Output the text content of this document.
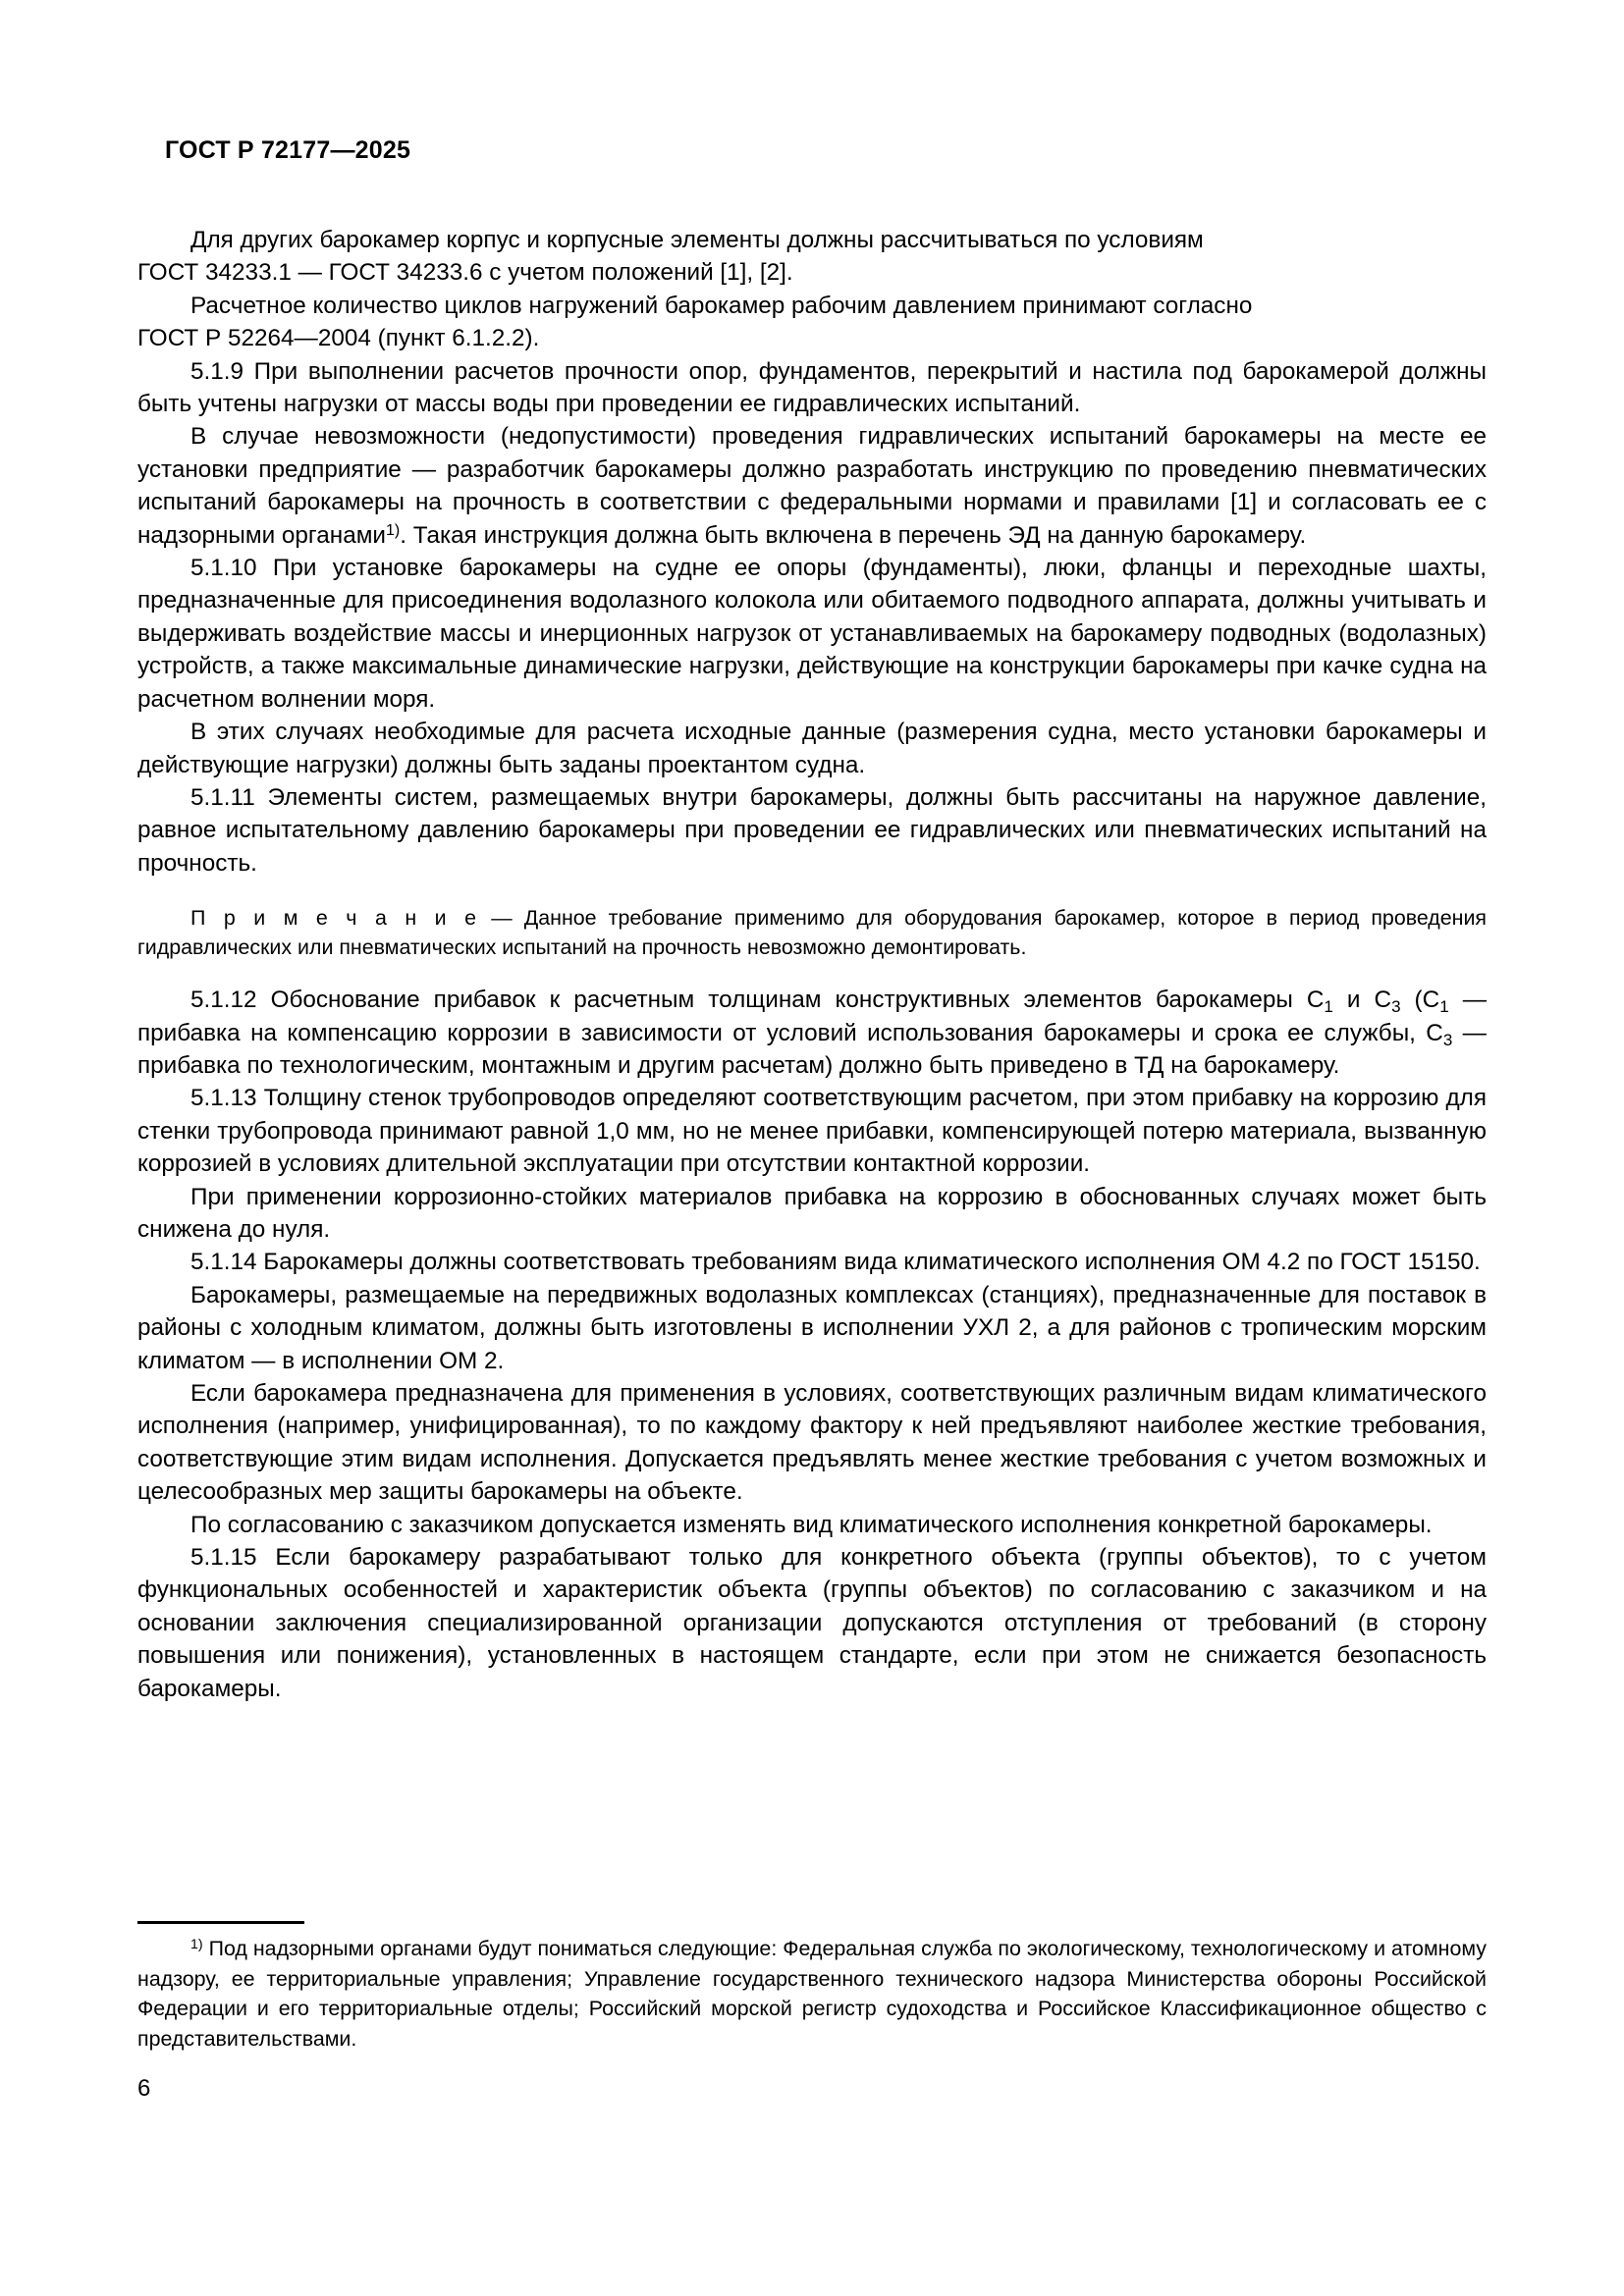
ГОСТ Р 72177—2025

Для других барокамер корпус и корпусные элементы должны рассчитываться по условиям
ГОСТ 34233.1 — ГОСТ 34233.6 с учетом положений [1], [2].

Расчетное количество циклов нагружений барокамер рабочим давлением принимают согласно
ГОСТ Р 52264—2004 (пункт 6.1.2.2).

5.1.9 При выполнении расчетов прочности опор, фундаментов, перекрытий и настила под барокамерой должны быть учтены нагрузки от массы воды при проведении ее гидравлических испытаний.

В случае невозможности (недопустимости) проведения гидравлических испытаний барокамеры на месте ее установки предприятие — разработчик барокамеры должно разработать инструкцию по проведению пневматических испытаний барокамеры на прочность в соответствии с федеральными нормами и правилами [1] и согласовать ее с надзорными органами$^{1)}$. Такая инструкция должна быть включена в перечень ЭД на данную барокамеру.

5.1.10 При установке барокамеры на судне ее опоры (фундаменты), люки, фланцы и переходные шахты, предназначенные для присоединения водолазного колокола или обитаемого подводного аппарата, должны учитывать и выдерживать воздействие массы и инерционных нагрузок от устанавливаемых на барокамеру подводных (водолазных) устройств, а также максимальные динамические нагрузки, действующие на конструкции барокамеры при качке судна на расчетном волнении моря.

В этих случаях необходимые для расчета исходные данные (размерения судна, место установки барокамеры и действующие нагрузки) должны быть заданы проектантом судна.

5.1.11 Элементы систем, размещаемых внутри барокамеры, должны быть рассчитаны на наружное давление, равное испытательному давлению барокамеры при проведении ее гидравлических или пневматических испытаний на прочность.

П р и м е ч а н и е — Данное требование применимо для оборудования барокамер, которое в период проведения гидравлических или пневматических испытаний на прочность невозможно демонтировать.

5.1.12 Обоснование прибавок к расчетным толщинам конструктивных элементов барокамеры $C_1$ и $C_3$ ($C_1$ — прибавка на компенсацию коррозии в зависимости от условий использования барокамеры и срока ее службы, $C_3$ — прибавка по технологическим, монтажным и другим расчетам) должно быть приведено в ТД на барокамеру.

5.1.13 Толщину стенок трубопроводов определяют соответствующим расчетом, при этом прибавку на коррозию для стенки трубопровода принимают равной 1,0 мм, но не менее прибавки, компенсирующей потерю материала, вызванную коррозией в условиях длительной эксплуатации при отсутствии контактной коррозии.

При применении коррозионно-стойких материалов прибавка на коррозию в обоснованных случаях может быть снижена до нуля.

5.1.14 Барокамеры должны соответствовать требованиям вида климатического исполнения ОМ 4.2 по ГОСТ 15150.

Барокамеры, размещаемые на передвижных водолазных комплексах (станциях), предназначенные для поставок в районы с холодным климатом, должны быть изготовлены в исполнении УХЛ 2, а для районов с тропическим морским климатом — в исполнении ОМ 2.

Если барокамера предназначена для применения в условиях, соответствующих различным видам климатического исполнения (например, унифицированная), то по каждому фактору к ней предъявляют наиболее жесткие требования, соответствующие этим видам исполнения. Допускается предъявлять менее жесткие требования с учетом возможных и целесообразных мер защиты барокамеры на объекте.

По согласованию с заказчиком допускается изменять вид климатического исполнения конкретной барокамеры.

5.1.15 Если барокамеру разрабатывают только для конкретного объекта (группы объектов), то с учетом функциональных особенностей и характеристик объекта (группы объектов) по согласованию с заказчиком и на основании заключения специализированной организации допускаются отступления от требований (в сторону повышения или понижения), установленных в настоящем стандарте, если при этом не снижается безопасность барокамеры.

$^{1)}$ Под надзорными органами будут пониматься следующие: Федеральная служба по экологическому, технологическому и атомному надзору, ее территориальные управления; Управление государственного технического надзора Министерства обороны Российской Федерации и его территориальные отделы; Российский морской регистр судоходства и Российское Классификационное общество с представительствами.

6
